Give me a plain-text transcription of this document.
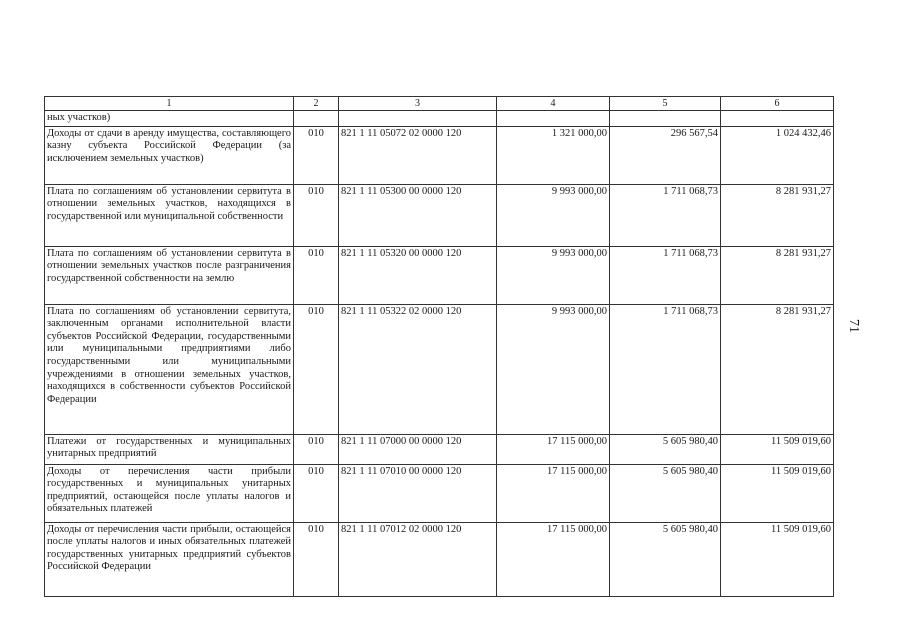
1	2	3	4	5	6
ных участков)					
Доходы от сдачи в аренду имущества, составляющего казну субъекта Российской Федерации (за исключением земельных участков)	010	821 1 11 05072 02 0000 120	1 321 000,00	296 567,54	1 024 432,46
Плата по соглашениям об установлении сервитута в отношении земельных участков, находящихся в государственной или муниципальной собственности	010	821 1 11 05300 00 0000 120	9 993 000,00	1 711 068,73	8 281 931,27
Плата по соглашениям об установлении сервитута в отношении земельных участков после разграничения государственной собственности на землю	010	821 1 11 05320 00 0000 120	9 993 000,00	1 711 068,73	8 281 931,27
Плата по соглашениям об установлении сервитута, заключенным органами исполнительной власти субъектов Российской Федерации, государственными или муниципальными предприятиями либо государственными или муниципальными учреждениями в отношении земельных участков, находящихся в собственности субъектов Российской Федерации	010	821 1 11 05322 02 0000 120	9 993 000,00	1 711 068,73	8 281 931,27
Платежи от государственных и муниципальных унитарных предприятий	010	821 1 11 07000 00 0000 120	17 115 000,00	5 605 980,40	11 509 019,60
Доходы от перечисления части прибыли государственных и муниципальных унитарных предприятий, остающейся после уплаты налогов и обязательных платежей	010	821 1 11 07010 00 0000 120	17 115 000,00	5 605 980,40	11 509 019,60
Доходы от перечисления части прибыли, остающейся после уплаты налогов и иных обязательных платежей государственных унитарных предприятий субъектов Российской Федерации	010	821 1 11 07012 02 0000 120	17 115 000,00	5 605 980,40	11 509 019,60
71
